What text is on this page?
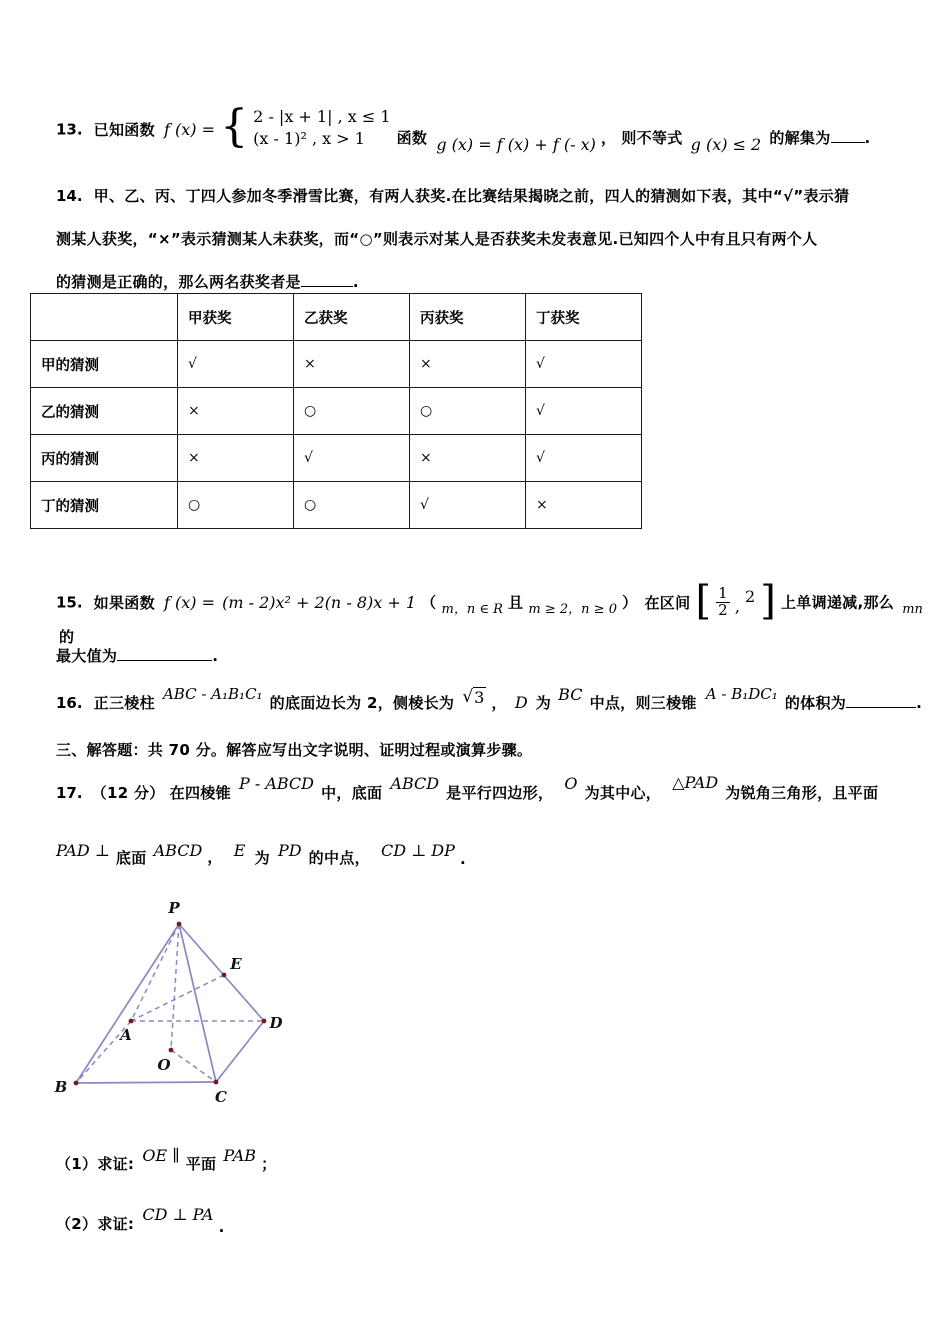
13. 已知函数 f (x) = { 2 - |x + 1| , x ≤ 1
(x - 1)² , x > 1	函数 g (x) = f (x) + f (- x) ， 则不等式 g (x) ≤ 2 的解集为 .
14. 甲、乙、丙、丁四人参加冬季滑雪比赛，有两人获奖.在比赛结果揭晓之前，四人的猜测如下表，其中“√”表示猜
测某人获奖，“×”表示猜测某人未获奖，而“○”则表示对某人是否获奖未发表意见.已知四个人中有且只有两个人
的猜测是正确的，那么两名获奖者是	.
	甲获奖	乙获奖	丙获奖	丁获奖
甲的猜测	√	×	×	√
乙的猜测	×	○	○	√
丙的猜测	×	√	×	√
丁的猜测	○	○	√	×
15. 如果函数 f (x) = (m - 2)x² + 2(n - 8)x + 1 （ $_{m,n \in R}$ 且 $_{m \ge 2,n \ge 0}$ ） 在区间 [ $\frac{1}{2}$ , 2 ] 上单调递减,那么 $_{mn}$ 的
最大值为	.
16. 正三棱柱 ABC - A₁B₁C₁ 的底面边长为 2，侧棱长为 √3 ， D 为 BC 中点，则三棱锥 A - B₁DC₁ 的体积为	.
三、解答题：共 70 分。解答应写出文字说明、证明过程或演算步骤。
17. （12 分） 在四棱锥 P - ABCD 中，底面 ABCD 是平行四边形， O 为其中心， △PAD 为锐角三角形，且平面
PAD ⊥ 底面 ABCD ， E 为 PD 的中点， CD ⊥ DP .
P
E
D
A
O
B
C
（1）求证: OE ∥ 平面 PAB ；
（2）求证: CD ⊥ PA .
